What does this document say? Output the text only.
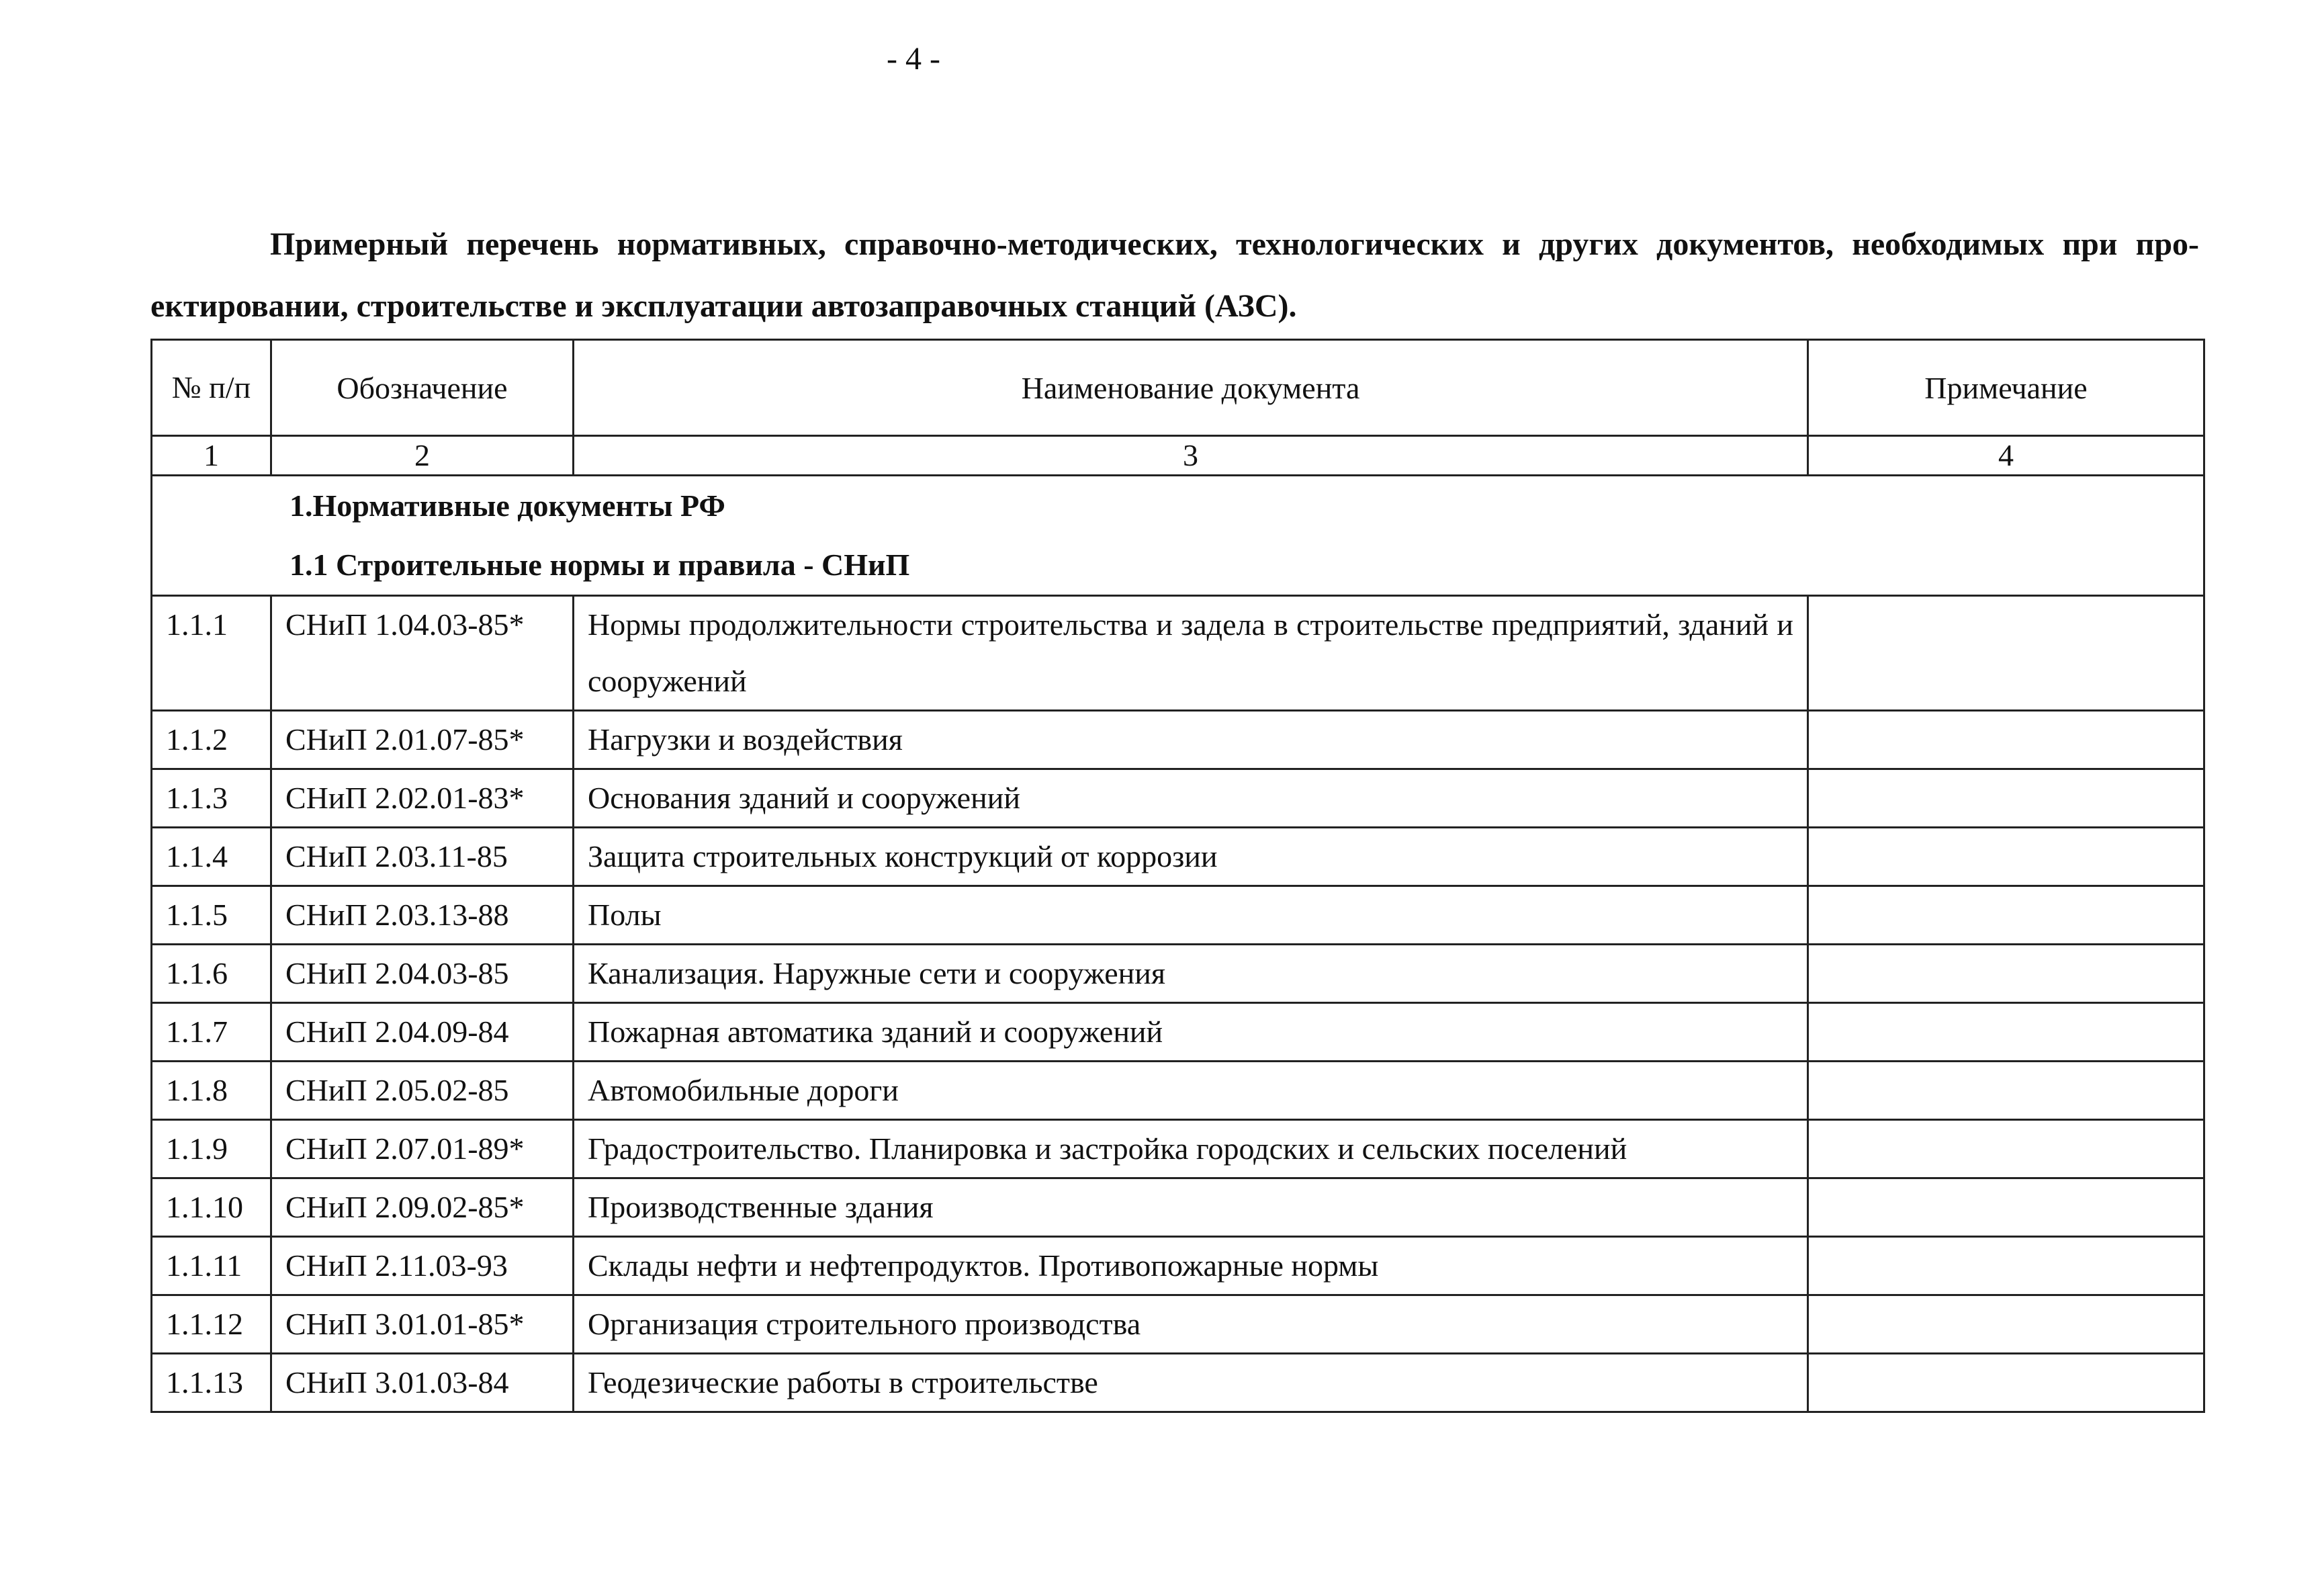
- 4 -
Примерный перечень нормативных, справочно-методических, технологических и других документов, необходимых при про-ектировании, строительстве и эксплуатации автозаправочных станций (АЗС).
№ п/п	Обозначение	Наименование документа	Примечание
1	2	3	4

1.Нормативные документы РФ
1.1 Строительные нормы и правила - СНиП			

1.1.1	СНиП 1.04.03-85*	Нормы продолжительности строительства и задела в строительстве предприятий, зданий и сооружений	
1.1.2	СНиП 2.01.07-85*	Нагрузки и воздействия	
1.1.3	СНиП 2.02.01-83*	Основания зданий и сооружений	
1.1.4	СНиП 2.03.11-85	Защита строительных конструкций от коррозии	
1.1.5	СНиП 2.03.13-88	Полы	
1.1.6	СНиП 2.04.03-85	Канализация. Наружные сети и сооружения	
1.1.7	СНиП 2.04.09-84	Пожарная автоматика зданий и сооружений	
1.1.8	СНиП 2.05.02-85	Автомобильные дороги	
1.1.9	СНиП 2.07.01-89*	Градостроительство. Планировка и застройка городских и сельских поселений	
1.1.10	СНиП 2.09.02-85*	Производственные здания	
1.1.11	СНиП 2.11.03-93	Склады нефти и нефтепродуктов. Противопожарные нормы	
1.1.12	СНиП 3.01.01-85*	Организация строительного производства	
1.1.13	СНиП 3.01.03-84	Геодезические работы в строительстве	
